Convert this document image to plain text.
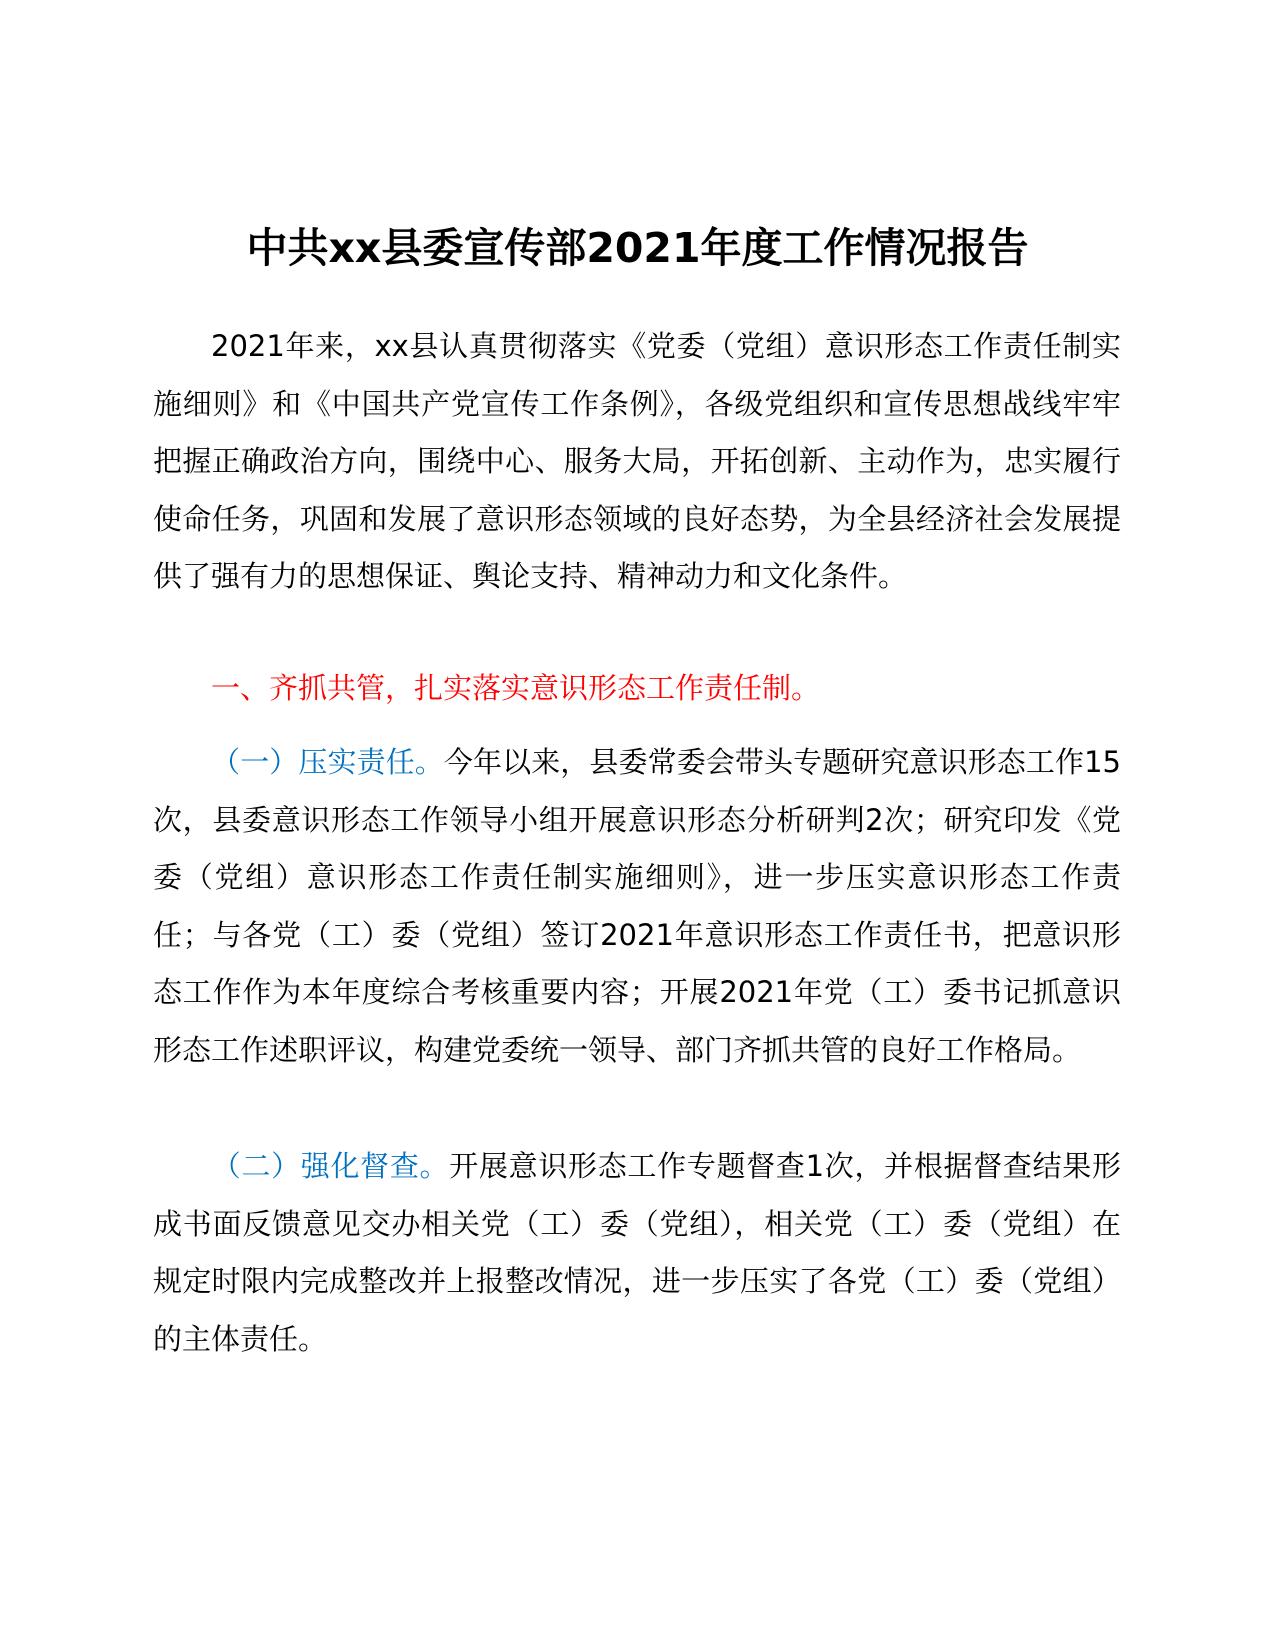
中共xx县委宣传部2021年度工作情况报告

2021年来，xx县认真贯彻落实《党委（党组）意识形态工作责任制实施细则》和《中国共产党宣传工作条例》，各级党组织和宣传思想战线牢牢把握正确政治方向，围绕中心、服务大局，开拓创新、主动作为，忠实履行使命任务，巩固和发展了意识形态领域的良好态势，为全县经济社会发展提供了强有力的思想保证、舆论支持、精神动力和文化条件。

一、齐抓共管，扎实落实意识形态工作责任制。

（一）压实责任。今年以来，县委常委会带头专题研究意识形态工作15次，县委意识形态工作领导小组开展意识形态分析研判2次；研究印发《党委（党组）意识形态工作责任制实施细则》，进一步压实意识形态工作责任；与各党（工）委（党组）签订2021年意识形态工作责任书，把意识形态工作作为本年度综合考核重要内容；开展2021年党（工）委书记抓意识形态工作述职评议，构建党委统一领导、部门齐抓共管的良好工作格局。

（二）强化督查。开展意识形态工作专题督查1次，并根据督查结果形成书面反馈意见交办相关党（工）委（党组），相关党（工）委（党组）在规定时限内完成整改并上报整改情况，进一步压实了各党（工）委（党组）的主体责任。
